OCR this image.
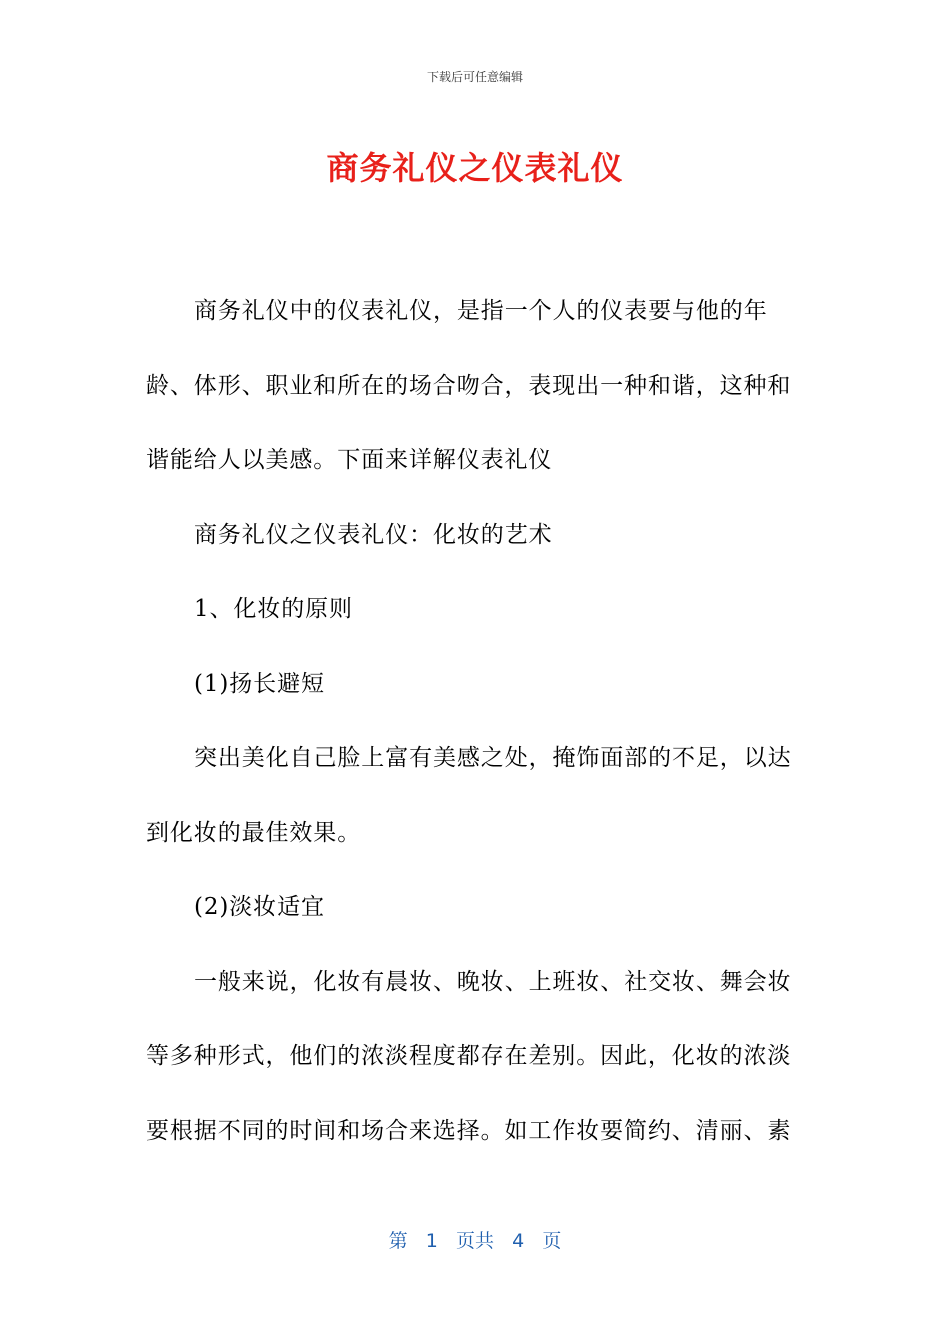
下载后可任意编辑
商务礼仪之仪表礼仪

商务礼仪中的仪表礼仪，是指一个人的仪表要与他的年龄、体形、职业和所在的场合吻合，表现出一种和谐，这种和谐能给人以美感。下面来详解仪表礼仪

商务礼仪之仪表礼仪：化妆的艺术

1、化妆的原则

(1)扬长避短

突出美化自己脸上富有美感之处，掩饰面部的不足，以达到化妆的最佳效果。

(2)淡妆适宜

一般来说，化妆有晨妆、晚妆、上班妆、社交妆、舞会妆等多种形式，他们的浓淡程度都存在差别。因此，化妆的浓淡要根据不同的时间和场合来选择。如工作妆要简约、清丽、素

第 1 页共 4 页
